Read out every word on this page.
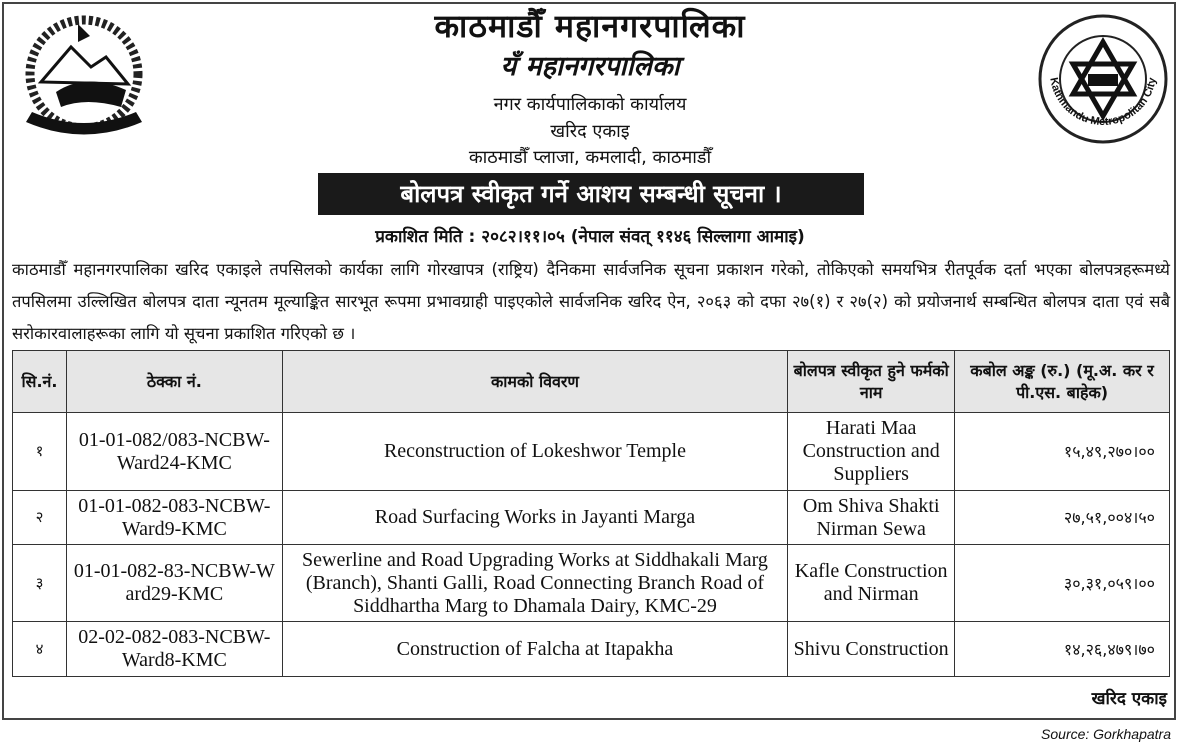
Kathmandu Metropolitan City
काठमाडौँ महानगरपालिका
यँ महानगरपालिका
नगर कार्यपालिकाको कार्यालय
खरिद एकाइ
काठमाडौँ प्लाजा, कमलादी, काठमाडौँ
बोलपत्र स्वीकृत गर्ने आशय सम्बन्धी सूचना ।
प्रकाशित मिति : २०८२।११।०५ (नेपाल संवत् ११४६ सिल्लागा आमाइ)
काठमाडौँ महानगरपालिका खरिद एकाइले तपसिलको कार्यका लागि गोरखापत्र (राष्ट्रिय) दैनिकमा सार्वजनिक सूचना प्रकाशन गरेको, तोकिएको समयभित्र रीतपूर्वक दर्ता भएका बोलपत्रहरूमध्ये तपसिलमा उल्लिखित बोलपत्र दाता न्यूनतम मूल्याङ्कित सारभूत रूपमा प्रभावग्राही पाइएकोले सार्वजनिक खरिद ऐन, २०६३ को दफा २७(१) र २७(२) को प्रयोजनार्थ सम्बन्धित बोलपत्र दाता एवं सबै सरोकारवालाहरूका लागि यो सूचना प्रकाशित गरिएको छ ।
सि.नं.	ठेक्का नं.	कामको विवरण	बोलपत्र स्वीकृत हुने फर्मको नाम	कबोल अङ्क (रु.) (मू.अ. कर र पी.एस. बाहेक)
१	01-01-082/083-NCBW-Ward24-KMC	Reconstruction of Lokeshwor Temple	Harati Maa Construction and Suppliers	१५,४९,२७०।००
२	01-01-082-083-NCBW-Ward9-KMC	Road Surfacing Works in Jayanti Marga	Om Shiva Shakti Nirman Sewa	२७,५१,००४।५०
३	01-01-082-83-NCBW-Ward29-KMC	Sewerline and Road Upgrading Works at Siddhakali Marg (Branch), Shanti Galli, Road Connecting Branch Road of Siddhartha Marg to Dhamala Dairy, KMC-29	Kafle Construction and Nirman	३०,३१,०५९।००
४	02-02-082-083-NCBW-Ward8-KMC	Construction of Falcha at Itapakha	Shivu Construction	१४,२६,४७९।७०
खरिद एकाइ
Source: Gorkhapatra
